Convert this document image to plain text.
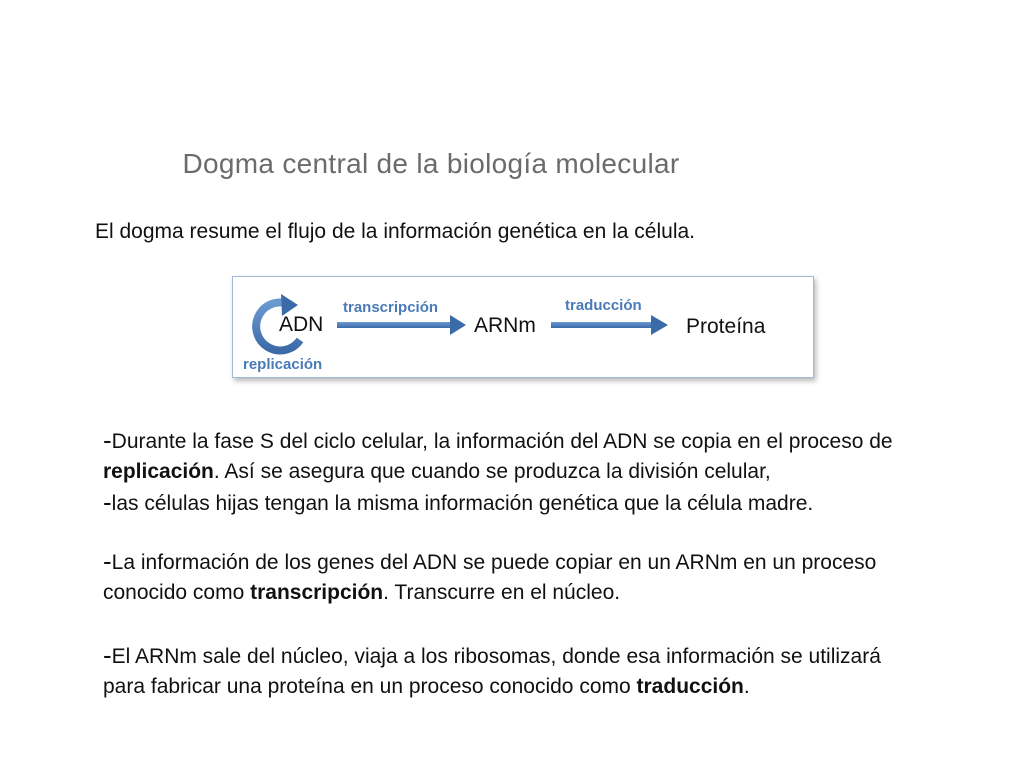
Dogma central de la biología molecular
El dogma resume el flujo de la información genética en la célula.
transcripción	traducción
replicación
ADN	ARNm	Proteína
-Durante la fase S del ciclo celular, la información del ADN se copia en el proceso de
replicación. Así se asegura que cuando se produzca la división celular,
-las células hijas tengan la misma información genética que la célula madre.
-La información de los genes del ADN se puede copiar en un ARNm en un proceso
conocido como transcripción. Transcurre en el núcleo.
-El ARNm sale del núcleo, viaja a los ribosomas, donde esa información se utilizará
para fabricar una proteína en un proceso conocido como traducción.
